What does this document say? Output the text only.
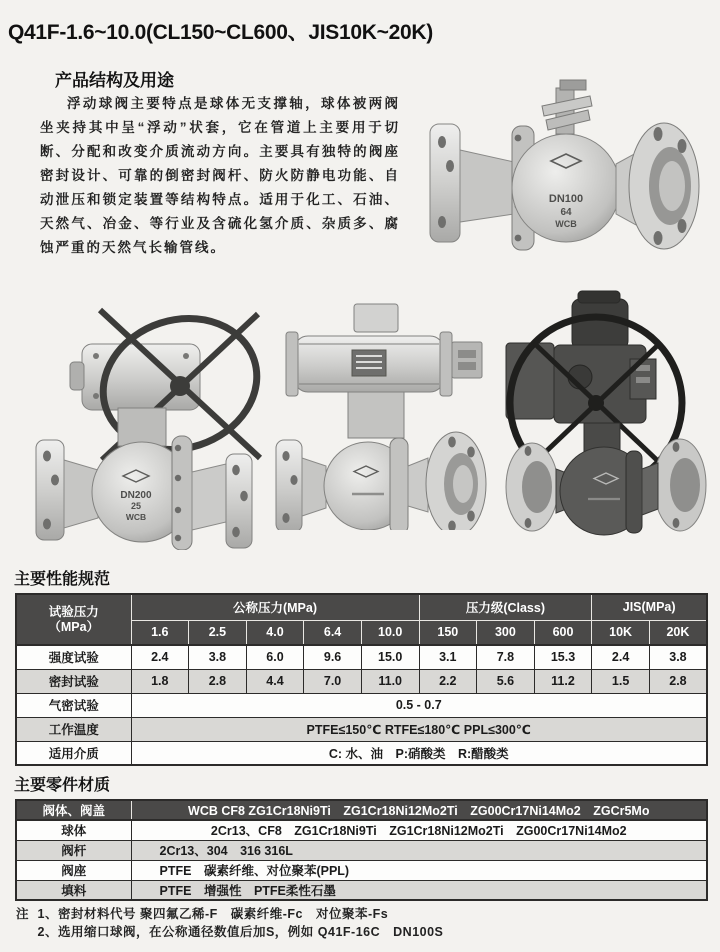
Q41F-1.6~10.0(CL150~CL600、JIS10K~20K)
产品结构及用途

浮动球阀主要特点是球体无支撑轴，球体被两阀坐夹持其中呈“浮动”状套，它在管道上主要用于切断、分配和改变介质流动方向。主要具有独特的阀座密封设计、可靠的倒密封阀杆、防火防静电功能、自动泄压和锁定装置等结构特点。适用于化工、石油、天然气、冶金、等行业及含硫化氢介质、杂质多、腐蚀严重的天然气长输管线。

DN100
64
WCB
DN200
25
WCB
主要性能规范
试验压力
（MPa）	公称压力(MPa)					压力级(Class)			JIS(MPa)	
	1.6	2.5	4.0	6.4	10.0	150	300	600	10K	20K
强度试验	2.4	3.8	6.0	9.6	15.0	3.1	7.8	15.3	2.4	3.8
密封试验	1.8	2.8	4.4	7.0	11.0	2.2	5.6	11.2	1.5	2.8
气密试验	0.5 - 0.7									
工作温度	PTFE≤150℃ RTFE≤180℃ PPL≤300℃									
适用介质	C: 水、油　P:硝酸类　R:醋酸类									
主要零件材质
阀体、阀盖	WCB CF8 ZG1Cr18Ni9Ti　ZG1Cr18Ni12Mo2Ti　ZG00Cr17Ni14Mo2　ZGCr5Mo
球体	2Cr13、CF8　ZG1Cr18Ni9Ti　ZG1Cr18Ni12Mo2Ti　ZG00Cr17Ni14Mo2
阀杆	2Cr13、304　316 316L
阀座	PTFE　碳素纤维、对位聚苯(PPL)
填料	PTFE　增强性　PTFE柔性石墨
注 1、密封材料代号 聚四氟乙稀-F　碳素纤维-Fc　对位聚苯-Fs
2、选用缩口球阀，在公称通径数值后加S，例如 Q41F-16C　DN100S
